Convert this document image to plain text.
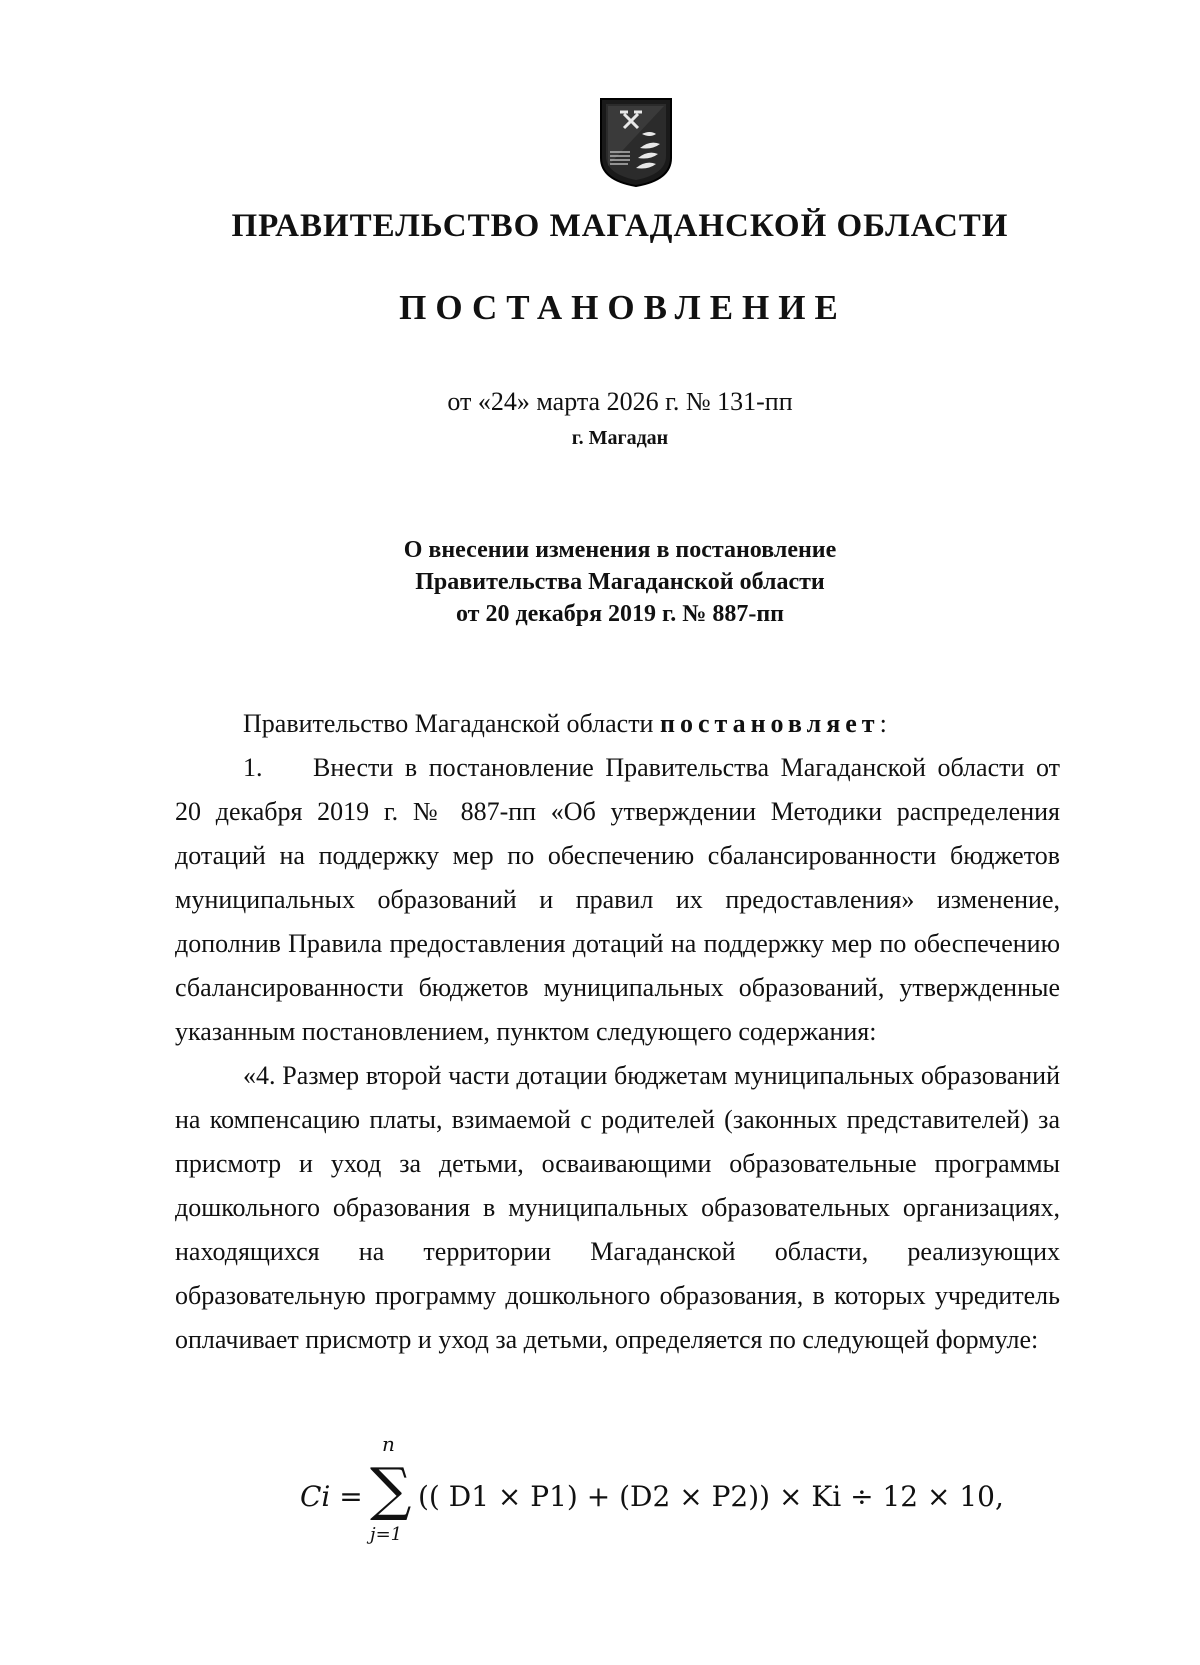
ПРАВИТЕЛЬСТВО МАГАДАНСКОЙ ОБЛАСТИ
ПОСТАНОВЛЕНИЕ
от «24» марта 2026 г. № 131-пп
г. Магадан
О внесении изменения в постановление
Правительства Магаданской области
от 20 декабря 2019 г. № 887-пп

Правительство Магаданской области постановляет:

1. Внести в постановление Правительства Магаданской области от 20 декабря 2019 г. № 887-пп «Об утверждении Методики распределения дотаций на поддержку мер по обеспечению сбалансированности бюджетов муниципальных образований и правил их предоставления» изменение, дополнив Правила предоставления дотаций на поддержку мер по обеспечению сбалансированности бюджетов муниципальных образований, утвержденные указанным постановлением, пунктом следующего содержания:

«4. Размер второй части дотации бюджетам муниципальных образований на компенсацию платы, взимаемой с родителей (законных представителей) за присмотр и уход за детьми, осваивающими образовательные программы дошкольного образования в муниципальных образовательных организациях, находящихся на территории Магаданской области, реализующих образовательную программу дошкольного образования, в которых учредитель оплачивает присмотр и уход за детьми, определяется по следующей формуле:

Ci =
n
∑
j=1
(( D1 × P1) + (D2 × P2)) × Ki ÷ 12 × 10,
